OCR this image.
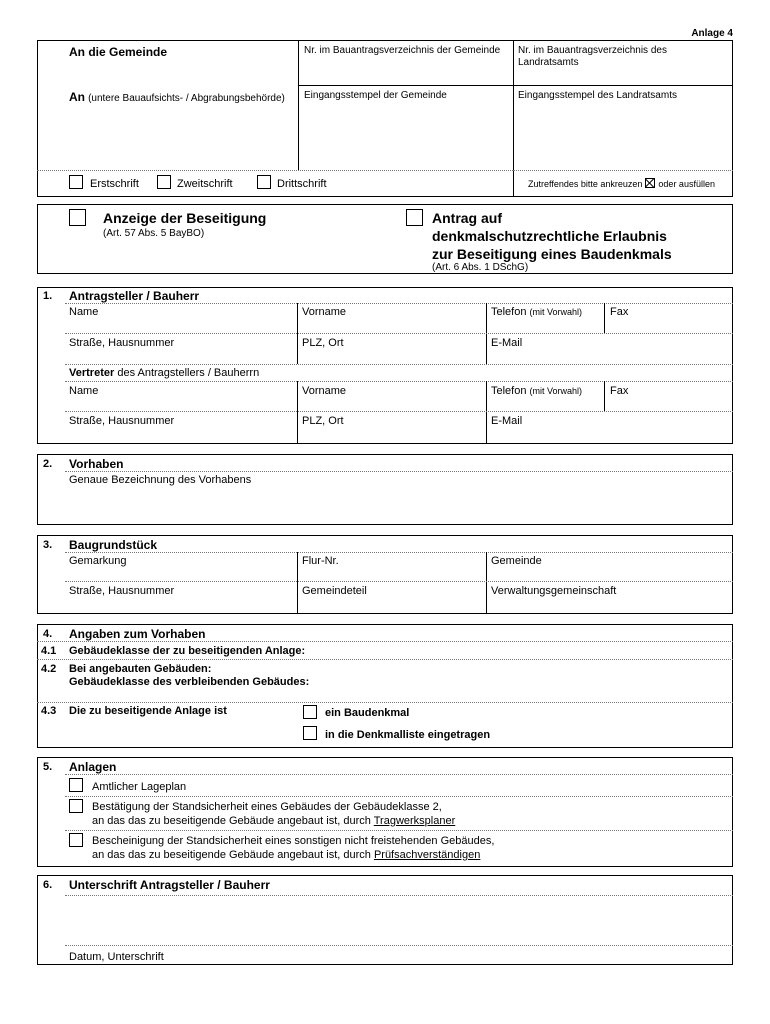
Anlage 4
An die Gemeinde
An (untere Bauaufsichts- / Abgrabungsbehörde)
Nr. im Bauantragsverzeichnis der Gemeinde Nr. im Bauantragsverzeichnis des
Landratsamts
Eingangsstempel der Gemeinde	Eingangsstempel des Landratsamts
Erstschrift	Zweitschrift	Drittschrift	Zutreffendes bitte ankreuzen oder ausfüllen
Anzeige der Beseitigung
(Art. 57 Abs. 5 BayBO)
Antrag auf
denkmalschutzrechtliche Erlaubnis
zur Beseitigung eines Baudenkmals
(Art. 6 Abs. 1 DSchG)
1. Antragsteller / Bauherr
Name	Vorname	Telefon (mit Vorwahl)	Fax
Straße, Hausnummer	PLZ, Ort	E-Mail
Vertreter des Antragstellers / Bauherrn
Name	Vorname	Telefon (mit Vorwahl)	Fax
Straße, Hausnummer	PLZ, Ort	E-Mail
2. Vorhaben
Genaue Bezeichnung des Vorhabens
3. Baugrundstück
Gemarkung	Flur-Nr.	Gemeinde
Straße, Hausnummer	Gemeindeteil	Verwaltungsgemeinschaft
4. Angaben zum Vorhaben
4.1 Gebäudeklasse der zu beseitigenden Anlage:
4.2 Bei angebauten Gebäuden:
Gebäudeklasse des verbleibenden Gebäudes:
4.3 Die zu beseitigende Anlage ist	ein Baudenkmal
in die Denkmalliste eingetragen
5. Anlagen
Amtlicher Lageplan
Bestätigung der Standsicherheit eines Gebäudes der Gebäudeklasse 2,
an das das zu beseitigende Gebäude angebaut ist, durch Tragwerksplaner
Bescheinigung der Standsicherheit eines sonstigen nicht freistehenden Gebäudes,
an das das zu beseitigende Gebäude angebaut ist, durch Prüfsachverständigen
6. Unterschrift Antragsteller / Bauherr
Datum, Unterschrift
